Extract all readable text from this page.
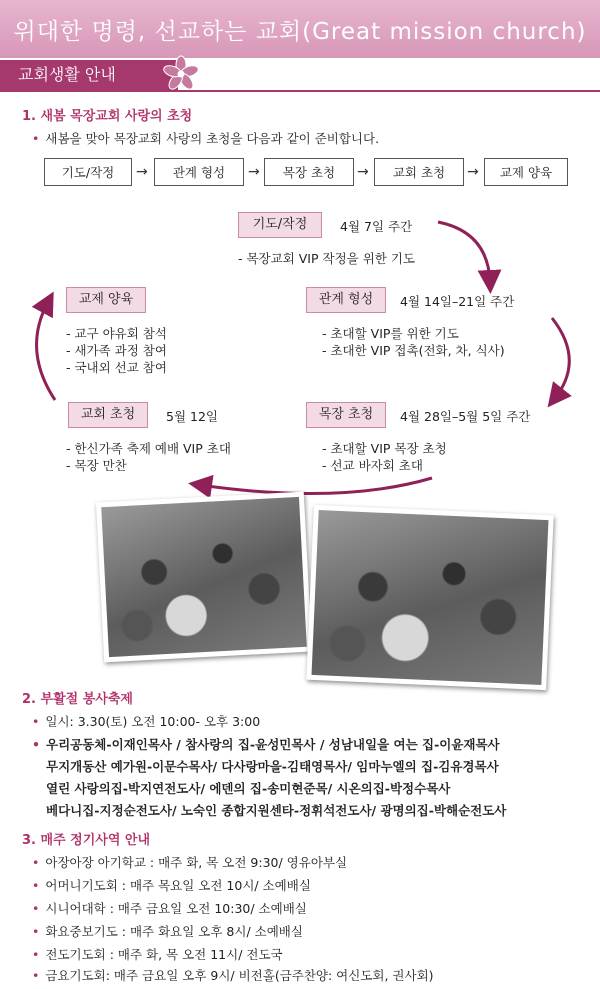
위대한 명령, 선교하는 교회(Great mission church)
교회생활 안내
1. 새봄 목장교회 사랑의 초청
• 새봄을 맞아 목장교회 사랑의 초청을 다음과 같이 준비합니다.
기도/작정	→	관계 형성	→	목장 초청	→	교회 초청	→	교제 양육
기도/작정	4월 7일 주간
- 목장교회 VIP 작정을 위한 기도
관계 형성	4월 14일–21일 주간
- 초대할 VIP를 위한 기도
- 초대한 VIP 접촉(전화, 차, 식사)
교제 양육
- 교구 야유회 참석
- 새가족 과정 참여
- 국내외 선교 참여
교회 초청	5월 12일
- 한신가족 축제 예배 VIP 초대
- 목장 만찬
목장 초청	4월 28일–5월 5일 주간
- 초대할 VIP 목장 초청
- 선교 바자회 초대
2. 부활절 봉사축제
• 일시: 3.30(토) 오전 10:00- 오후 3:00
• 우리공동체-이재인목사 / 참사랑의 집-윤성민목사 / 성남내일을 여는 집-이윤재목사
무지개동산 예가원-이문수목사/ 다사랑마을-김태영목사/ 임마누엘의 집-김유경목사
열린 사랑의집-박지연전도사/ 에덴의 집-송미현준목/ 시온의집-박정수목사
베다니집-지정순전도사/ 노숙인 종합지원센타-정휘석전도사/ 광명의집-박해순전도사
3. 매주 정기사역 안내
• 아장아장 아기학교 : 매주 화, 목 오전 9:30/ 영유아부실
• 어머니기도회 : 매주 목요일 오전 10시/ 소예배실
• 시니어대학 : 매주 금요일 오전 10:30/ 소예배실
• 화요중보기도 : 매주 화요일 오후 8시/ 소예배실
• 전도기도회 : 매주 화, 목 오전 11시/ 전도국
• 금요기도회: 매주 금요일 오후 9시/ 비전홀(금주찬양: 여신도회, 권사회)
